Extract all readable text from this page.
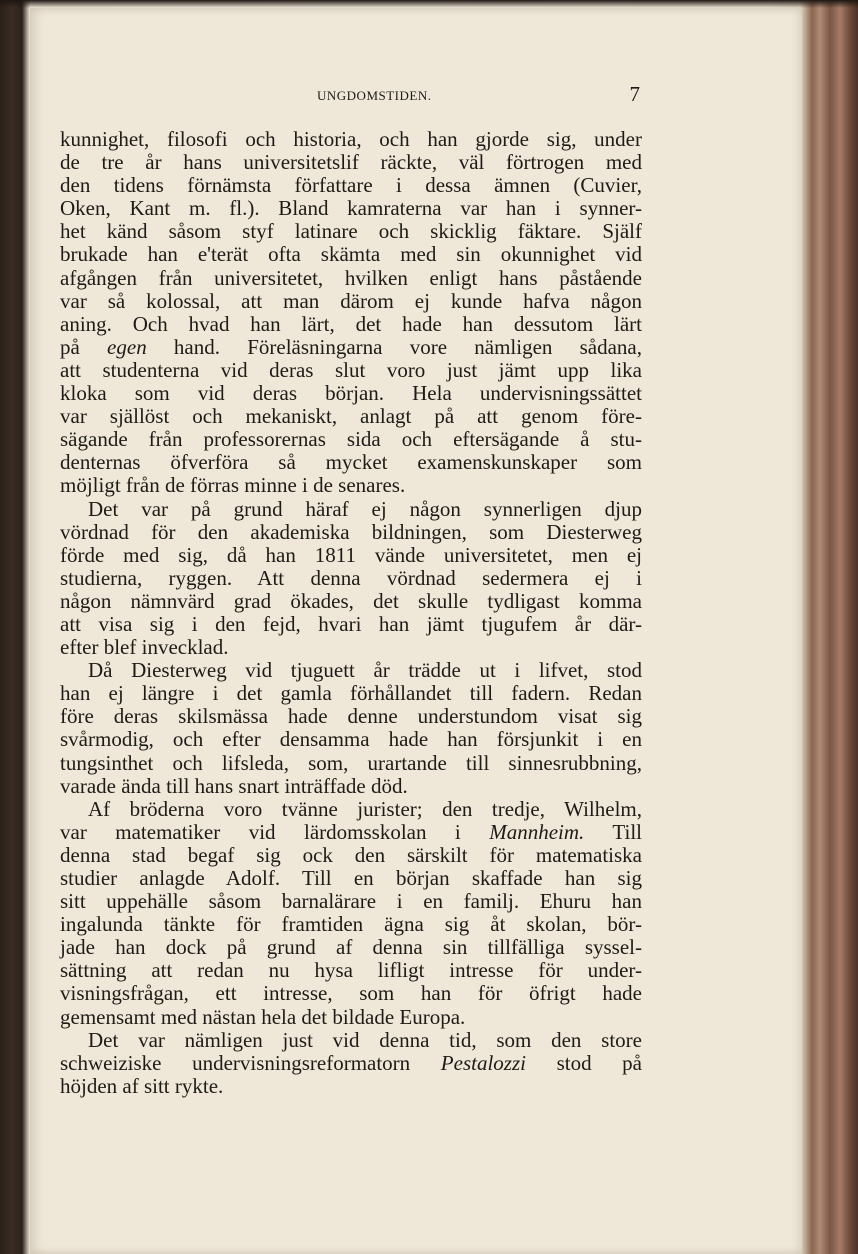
UNGDOMSTIDEN.	7
kunnighet, filosofi och historia, och han gjorde sig, under
de tre år hans universitetslif räckte, väl förtrogen med
den tidens förnämsta författare i dessa ämnen (Cuvier,
Oken, Kant m. fl.). Bland kamraterna var han i synner-
het känd såsom styf latinare och skicklig fäktare. Själf
brukade han e'terät ofta skämta med sin okunnighet vid
afgången från universitetet, hvilken enligt hans påstående
var så kolossal, att man därom ej kunde hafva någon
aning. Och hvad han lärt, det hade han dessutom lärt
på egen hand. Föreläsningarna vore nämligen sådana,
att studenterna vid deras slut voro just jämt upp lika
kloka som vid deras början. Hela undervisningssättet
var själlöst och mekaniskt, anlagt på att genom före-
sägande från professorernas sida och eftersägande å stu-
denternas öfverföra så mycket examenskunskaper som
möjligt från de förras minne i de senares.
Det var på grund häraf ej någon synnerligen djup
vördnad för den akademiska bildningen, som Diesterweg
förde med sig, då han 1811 vände universitetet, men ej
studierna, ryggen. Att denna vördnad sedermera ej i
någon nämnvärd grad ökades, det skulle tydligast komma
att visa sig i den fejd, hvari han jämt tjugufem år där-
efter blef invecklad.
Då Diesterweg vid tjuguett år trädde ut i lifvet, stod
han ej längre i det gamla förhållandet till fadern. Redan
före deras skilsmässa hade denne understundom visat sig
svårmodig, och efter densamma hade han försjunkit i en
tungsinthet och lifsleda, som, urartande till sinnesrubbning,
varade ända till hans snart inträffade död.
Af bröderna voro tvänne jurister; den tredje, Wilhelm,
var matematiker vid lärdomsskolan i Mannheim. Till
denna stad begaf sig ock den särskilt för matematiska
studier anlagde Adolf. Till en början skaffade han sig
sitt uppehälle såsom barnalärare i en familj. Ehuru han
ingalunda tänkte för framtiden ägna sig åt skolan, bör-
jade han dock på grund af denna sin tillfälliga syssel-
sättning att redan nu hysa lifligt intresse för under-
visningsfrågan, ett intresse, som han för öfrigt hade
gemensamt med nästan hela det bildade Europa.
Det var nämligen just vid denna tid, som den store
schweiziske undervisningsreformatorn Pestalozzi stod på
höjden af sitt rykte.
